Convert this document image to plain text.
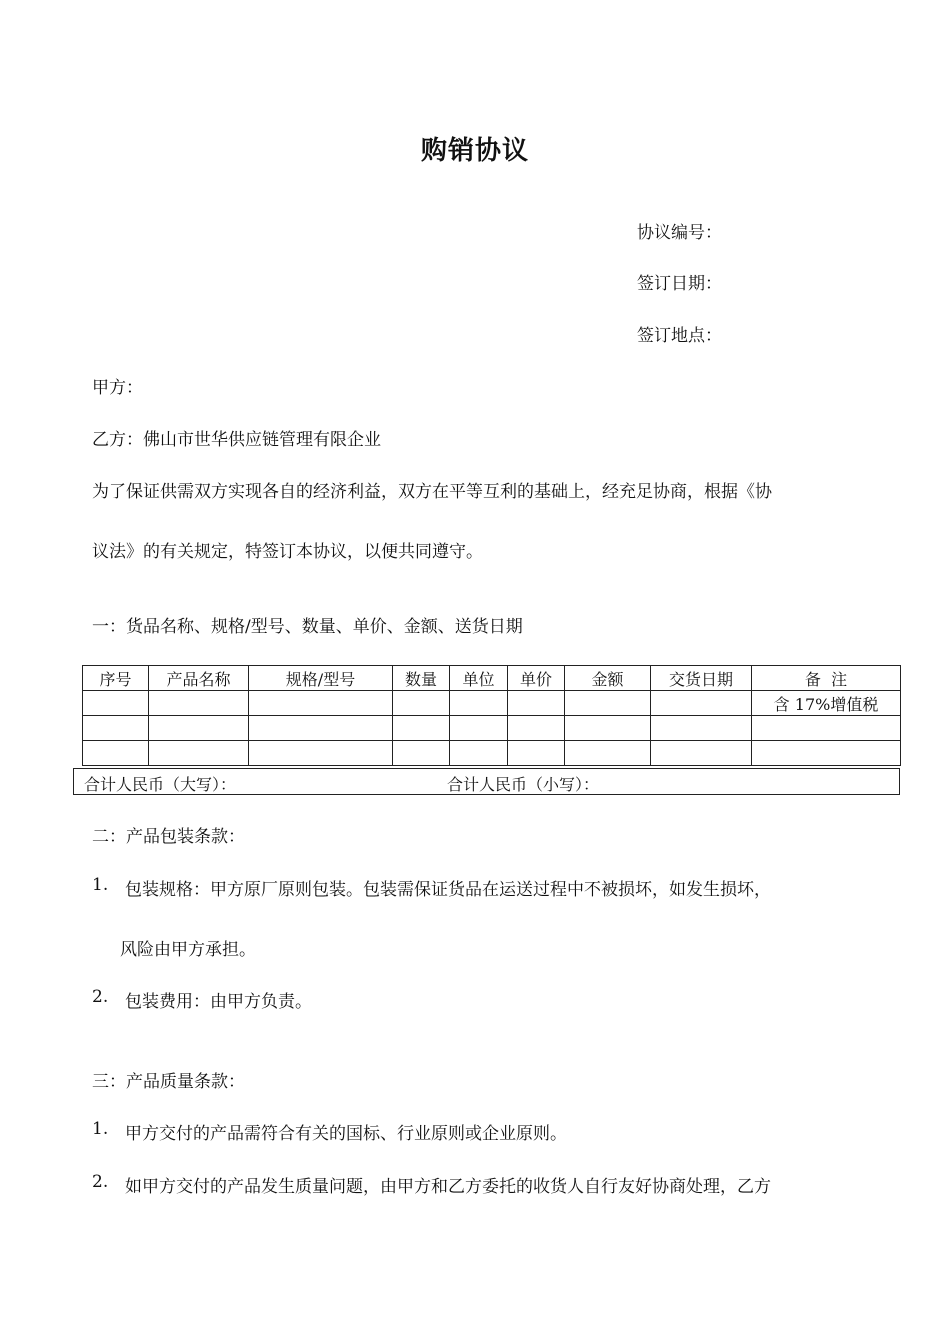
购销协议
协议编号：
签订日期：
签订地点：
甲方：
乙方：佛山市世华供应链管理有限企业
为了保证供需双方实现各自的经济利益，双方在平等互利的基础上，经充足协商，根据《协
议法》的有关规定，特签订本协议，以便共同遵守。
一：货品名称、规格/型号、数量、单价、金额、送货日期
序号	产品名称	规格/型号	数量	单位	单价	金额	交货日期	备  注
								含 17%增值税

合计人民币（大写）：	合计人民币（小写）：
二：产品包装条款：
1. 包装规格：甲方原厂原则包装。包装需保证货品在运送过程中不被损坏，如发生损坏，
风险由甲方承担。
2. 包装费用：由甲方负责。
三：产品质量条款：
1. 甲方交付的产品需符合有关的国标、行业原则或企业原则。
2. 如甲方交付的产品发生质量问题，由甲方和乙方委托的收货人自行友好协商处理，乙方
